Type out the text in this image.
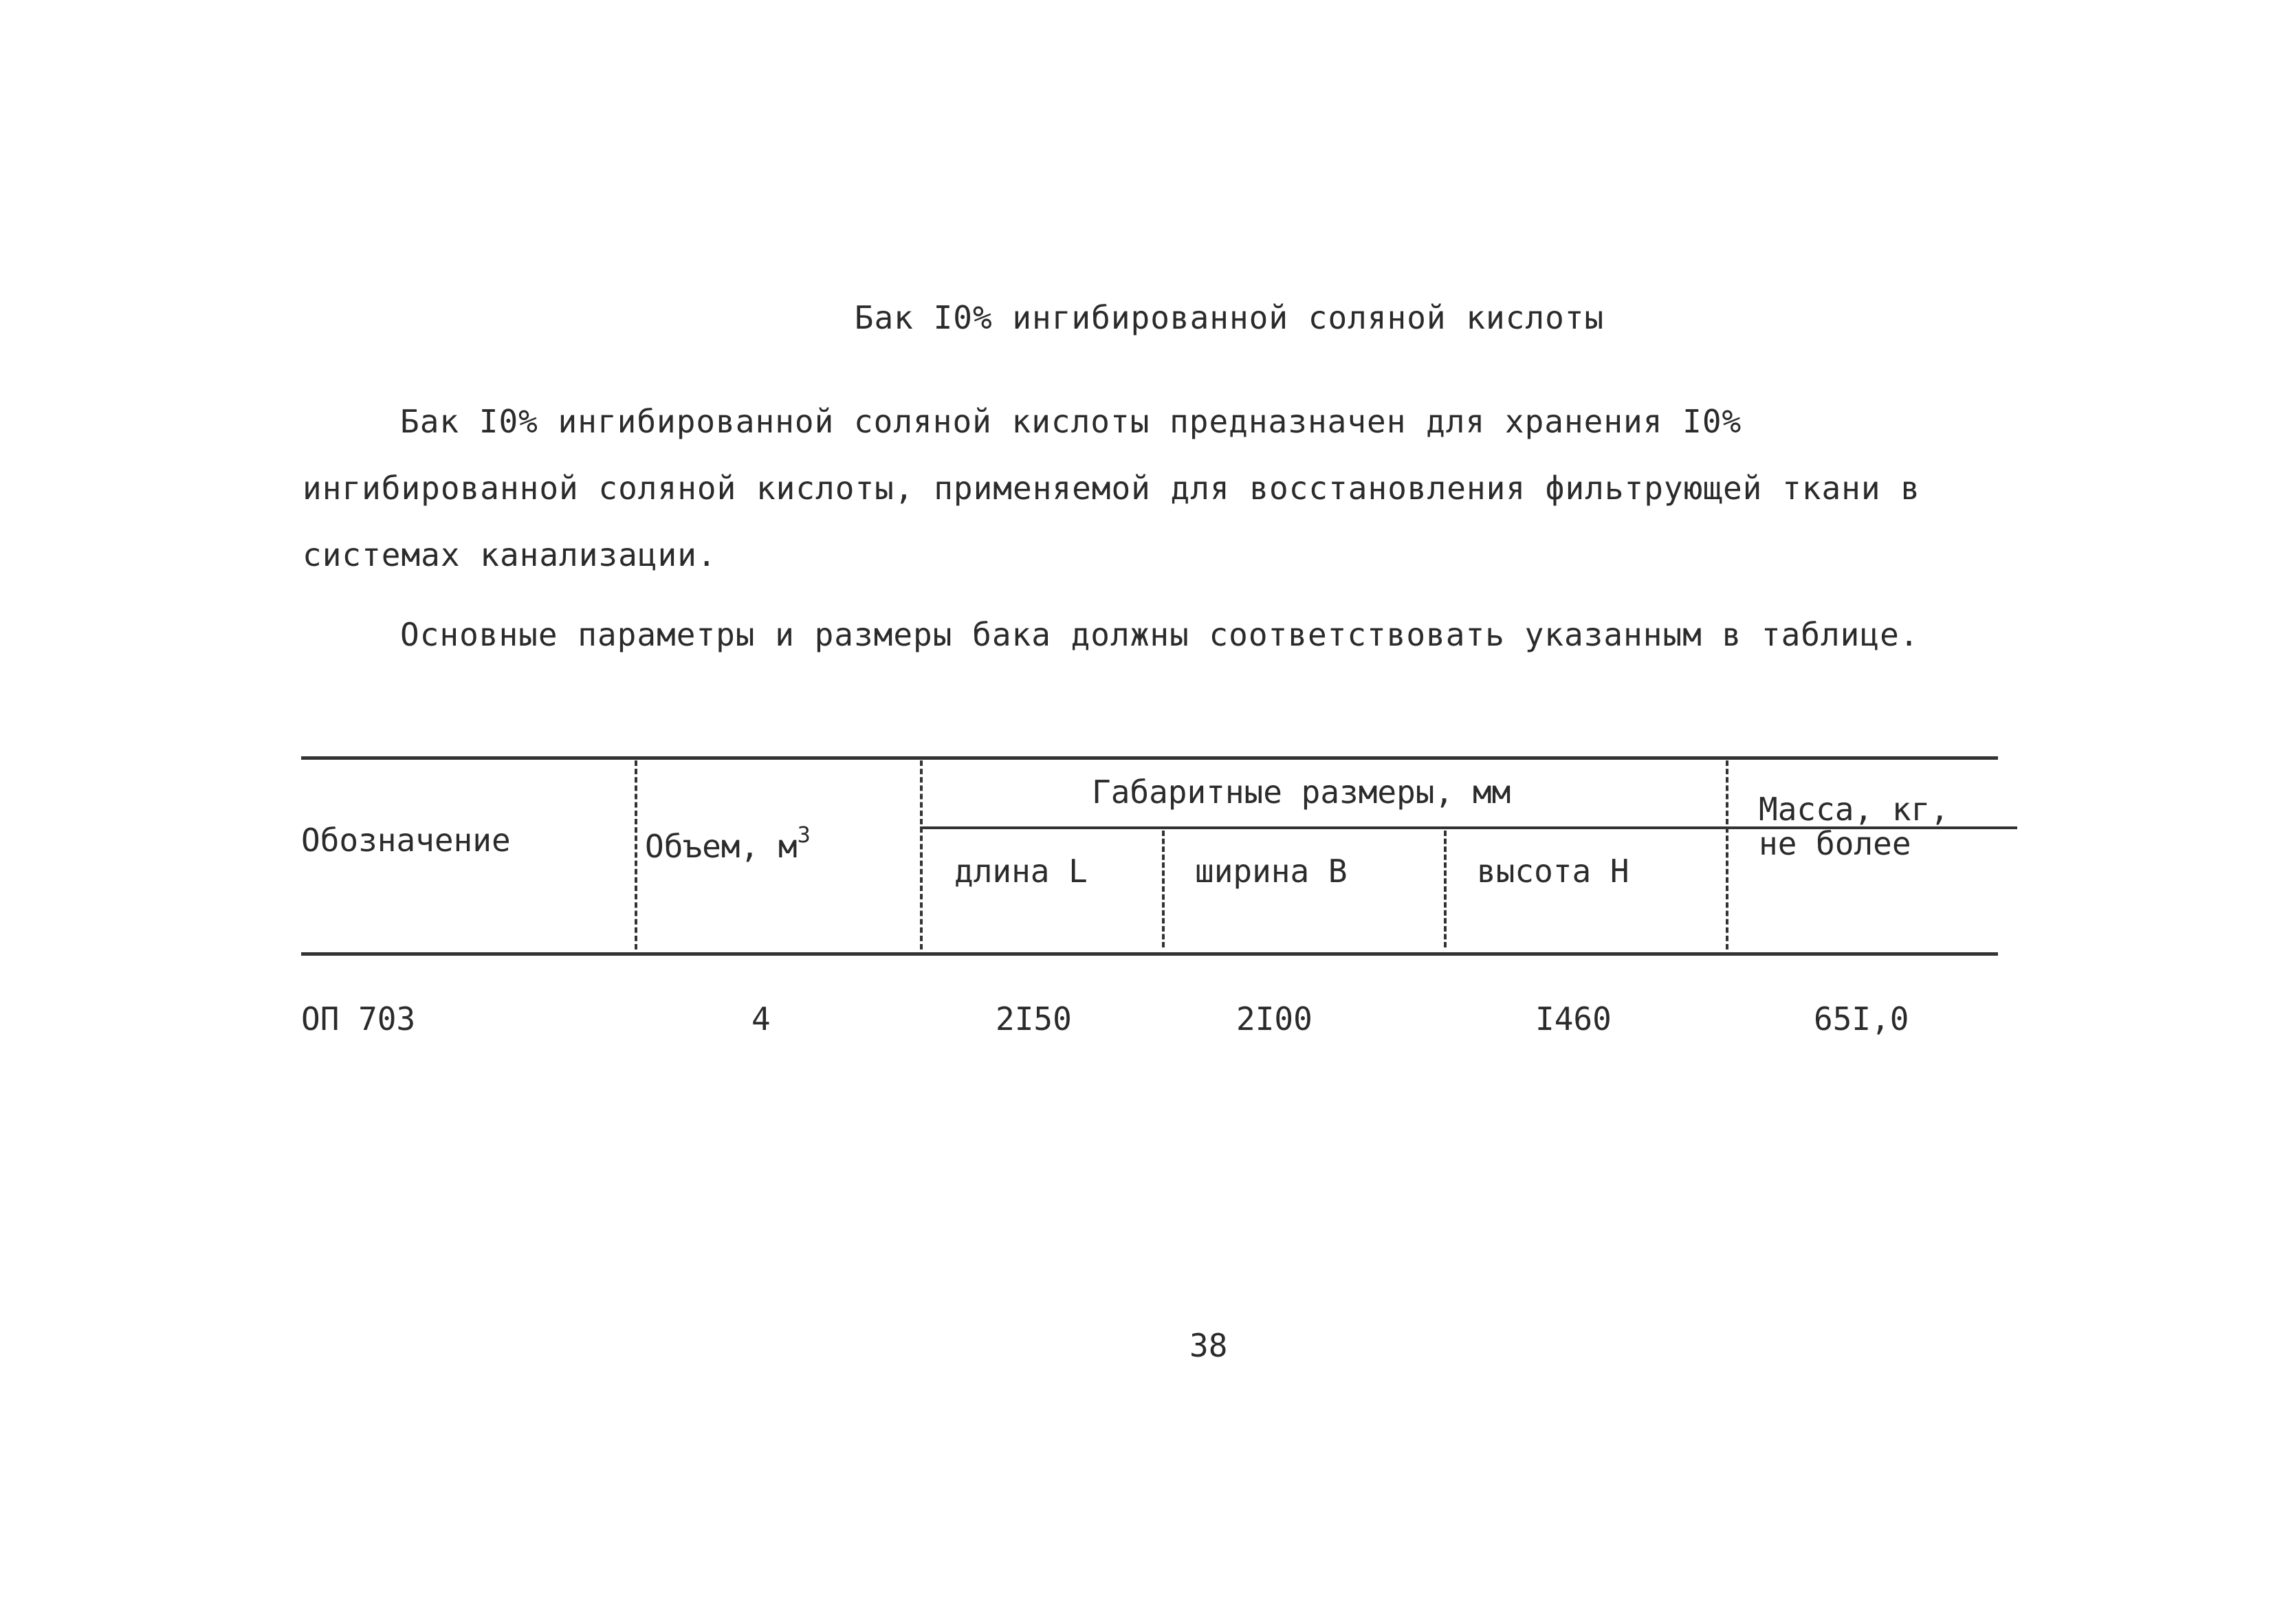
Бак I0% ингибированной соляной кислоты
Бак I0% ингибированной соляной кислоты предназначен для хранения I0% ингибированной соляной кислоты, применяемой для восстановления фильтрующей ткани в системах канализации.
Основные параметры и размеры бака должны соответствовать указанным в таблице.
Обозначение	Объем, $м^3$
Габаритные размеры, мм
длина L	ширина В	высота Н
Масса, кг,
не более
ОП 703	4	2I50	2I00	I460	65I,0
38
